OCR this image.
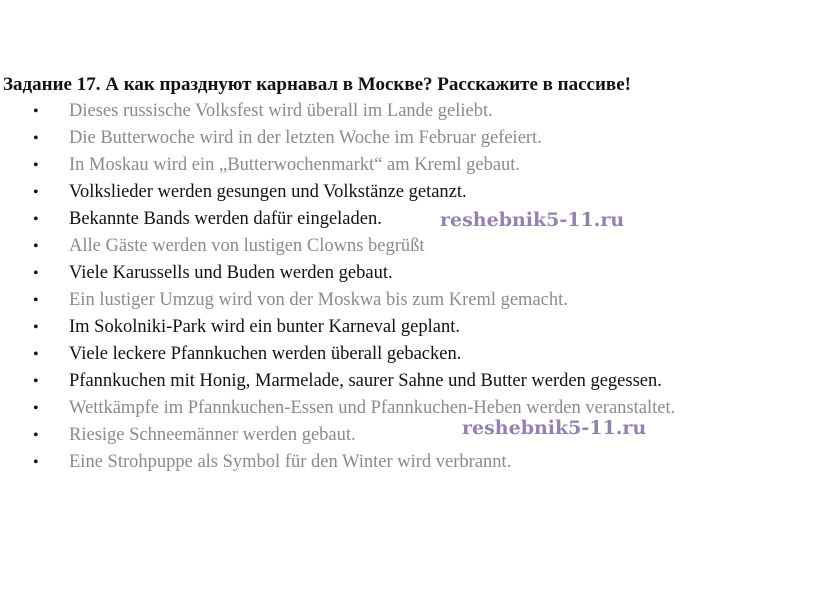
Задание 17. А как празднуют карнавал в Москве? Расскажите в пассиве!
• Dieses russische Volksfest wird überall im Lande geliebt.
• Die Butterwoche wird in der letzten Woche im Februar gefeiert.
• In Moskau wird ein „Butterwochenmarkt“ am Kreml gebaut.
• Volkslieder werden gesungen und Volkstänze getanzt.
• Bekannte Bands werden dafür eingeladen.
• Alle Gäste werden von lustigen Clowns begrüßt
• Viele Karussells und Buden werden gebaut.
• Ein lustiger Umzug wird von der Moskwa bis zum Kreml gemacht.
• Im Sokolniki-Park wird ein bunter Karneval geplant.
• Viele leckere Pfannkuchen werden überall gebacken.
• Pfannkuchen mit Honig, Marmelade, saurer Sahne und Butter werden gegessen.
• Wettkämpfe im Pfannkuchen-Essen und Pfannkuchen-Heben werden veranstaltet.
• Riesige Schneemänner werden gebaut.
• Eine Strohpuppe als Symbol für den Winter wird verbrannt.
reshebnik5-11.ru
reshebnik5-11.ru
